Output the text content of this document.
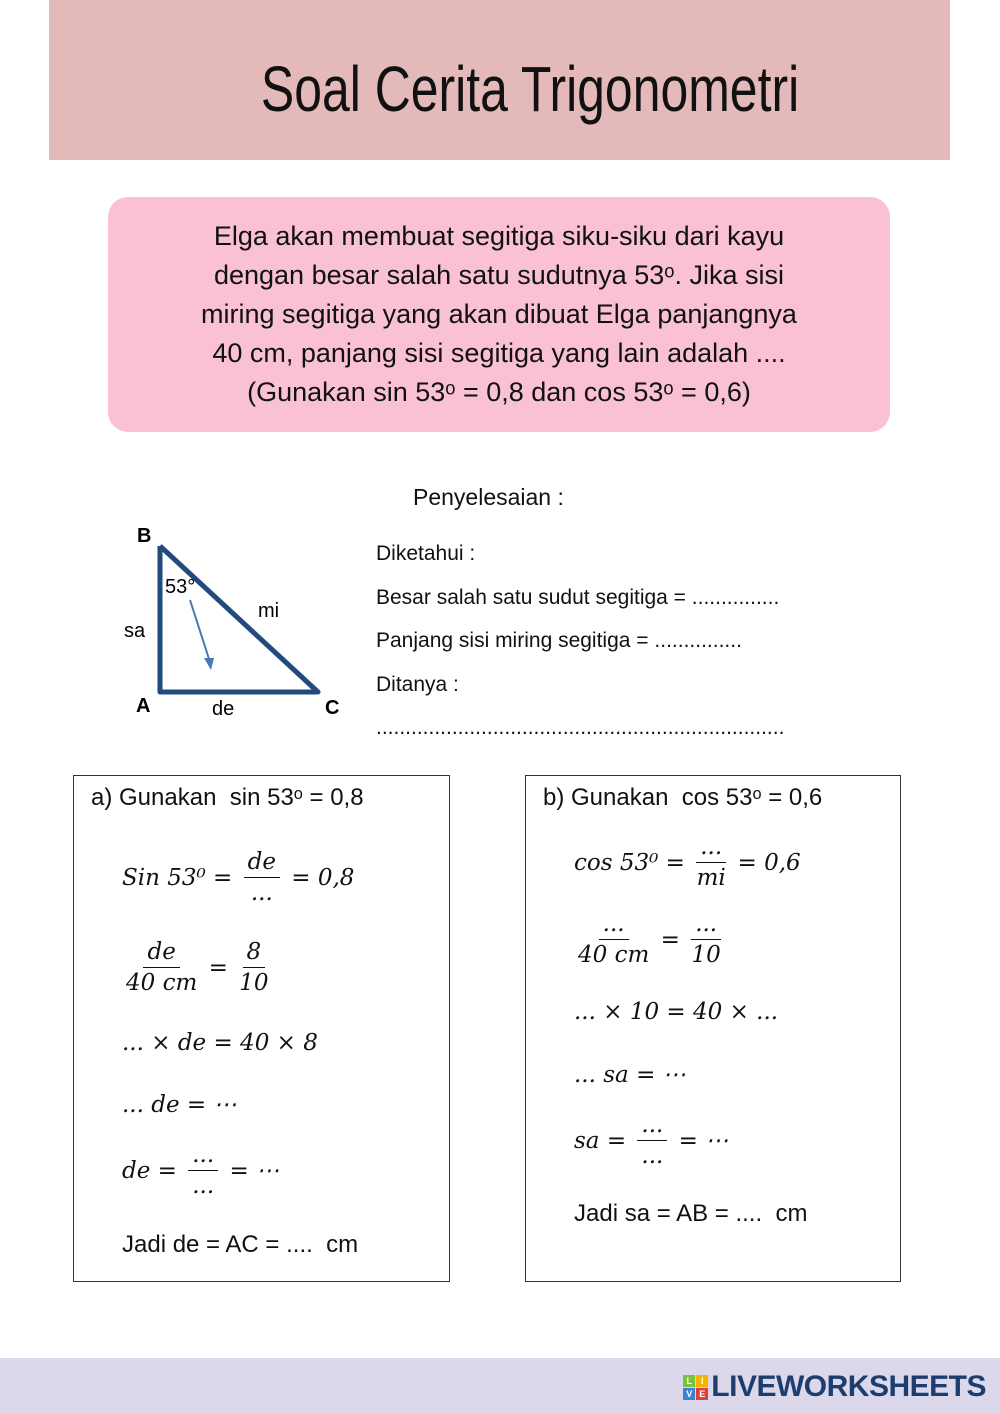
Soal Cerita Trigonometri
Elga akan membuat segitiga siku-siku dari kayu
dengan besar salah satu sudutnya 53ᵒ. Jika sisi
miring segitiga yang akan dibuat Elga panjangnya
40 cm, panjang sisi segitiga yang lain adalah ....
(Gunakan sin 53ᵒ = 0,8 dan cos 53ᵒ = 0,6)
B
A	C
53°
sa
mi
de
Penyelesaian :
Diketahui :
Besar salah satu sudut segitiga = ...............
Panjang sisi miring segitiga = ...............
Ditanya :
......................................................................
a) Gunakan  sin 53ᵒ = 0,8
Sin 53⁰ =
de
...
= 0,8
$\frac{de}{40 cm} = \frac{8}{10}$
... × de = 40 × 8
... de = ⋯
de =
...
...
= ⋯
Jadi de = AC = ....  cm
b) Gunakan  cos 53ᵒ = 0,6
cos 53⁰ =
...
mi
= 0,6
...
40 cm
=
...
10
... × 10 = 40 × ...
... sa = ⋯
sa =
...
...
= ⋯
Jadi sa = AB = ....  cm
L I
V E LIVEWORKSHEETS
